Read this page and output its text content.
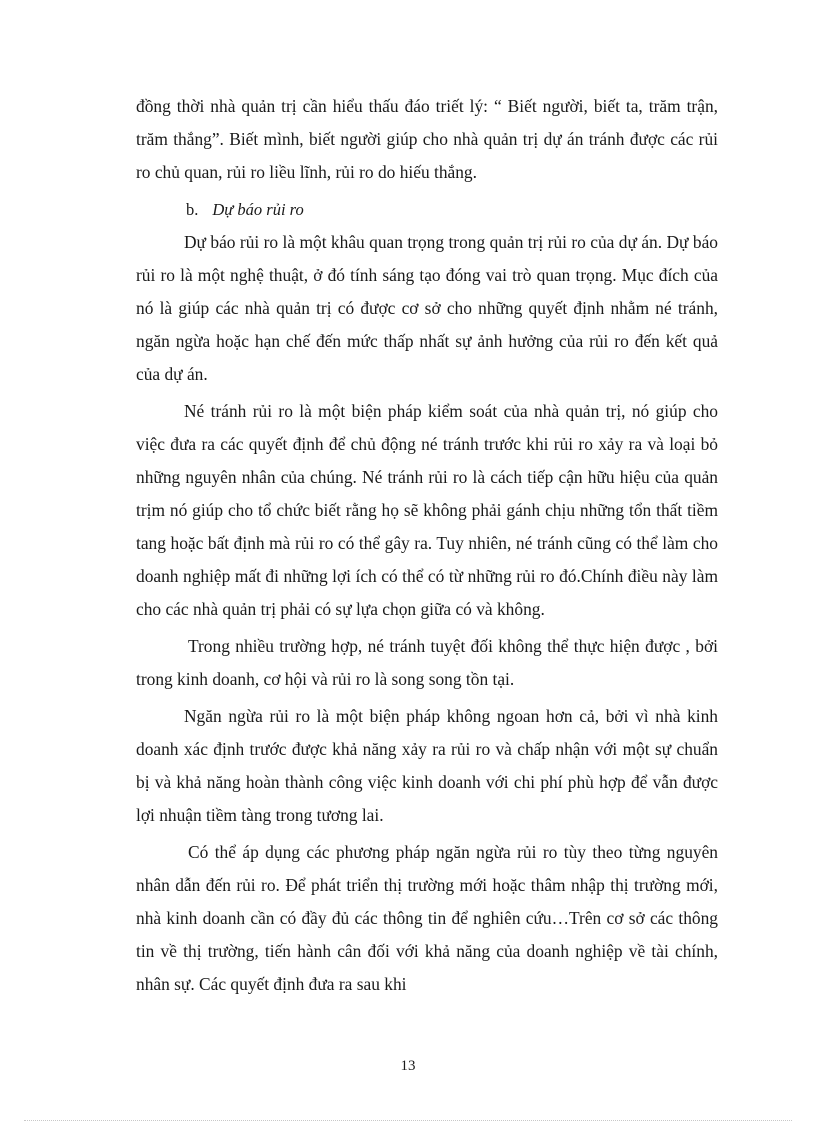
đồng thời nhà quản trị cần hiểu thấu đáo triết lý: “ Biết người, biết ta, trăm trận, trăm thắng”. Biết mình, biết người giúp cho nhà quản trị dự án tránh được các rủi ro chủ quan, rủi ro liều lĩnh, rủi ro do hiếu thắng.

b. Dự báo rủi ro

Dự báo rủi ro là một khâu quan trọng trong quản trị rủi ro của dự án. Dự báo rủi ro là một nghệ thuật, ở đó tính sáng tạo đóng vai trò quan trọng. Mục đích của nó là giúp các nhà quản trị có được cơ sở cho những quyết định nhằm né tránh, ngăn ngừa hoặc hạn chế đến mức thấp nhất sự ảnh hưởng của rủi ro đến kết quả của dự án.

Né tránh rủi ro là một biện pháp kiểm soát của nhà quản trị, nó giúp cho việc đưa ra các quyết định để chủ động né tránh trước khi rủi ro xảy ra và loại bỏ những nguyên nhân của chúng. Né tránh rủi ro là cách tiếp cận hữu hiệu của quản trịm nó giúp cho tổ chức biết rằng họ sẽ không phải gánh chịu những tổn thất tiềm tang hoặc bất định mà rủi ro có thể gây ra. Tuy nhiên, né tránh cũng có thể làm cho doanh nghiệp mất đi những lợi ích có thể có từ những rủi ro đó.Chính điều này làm cho các nhà quản trị phải có sự lựa chọn giữa có và không.

Trong nhiều trường hợp, né tránh tuyệt đối không thể thực hiện được , bởi trong kinh doanh, cơ hội và rủi ro là song song tồn tại.

Ngăn ngừa rủi ro là một biện pháp không ngoan hơn cả, bởi vì nhà kinh doanh xác định trước được khả năng xảy ra rủi ro và chấp nhận với một sự chuẩn bị và khả năng hoàn thành công việc kinh doanh với chi phí phù hợp để vẫn được lợi nhuận tiềm tàng trong tương lai.

Có thể áp dụng các phương pháp ngăn ngừa rủi ro tùy theo từng nguyên nhân dẫn đến rủi ro. Để phát triển thị trường mới hoặc thâm nhập thị trường mới, nhà kinh doanh cần có đầy đủ các thông tin để nghiên cứu…Trên cơ sở các thông tin về thị trường, tiến hành cân đối với khả năng của doanh nghiệp về tài chính, nhân sự. Các quyết định đưa ra sau khi

13
